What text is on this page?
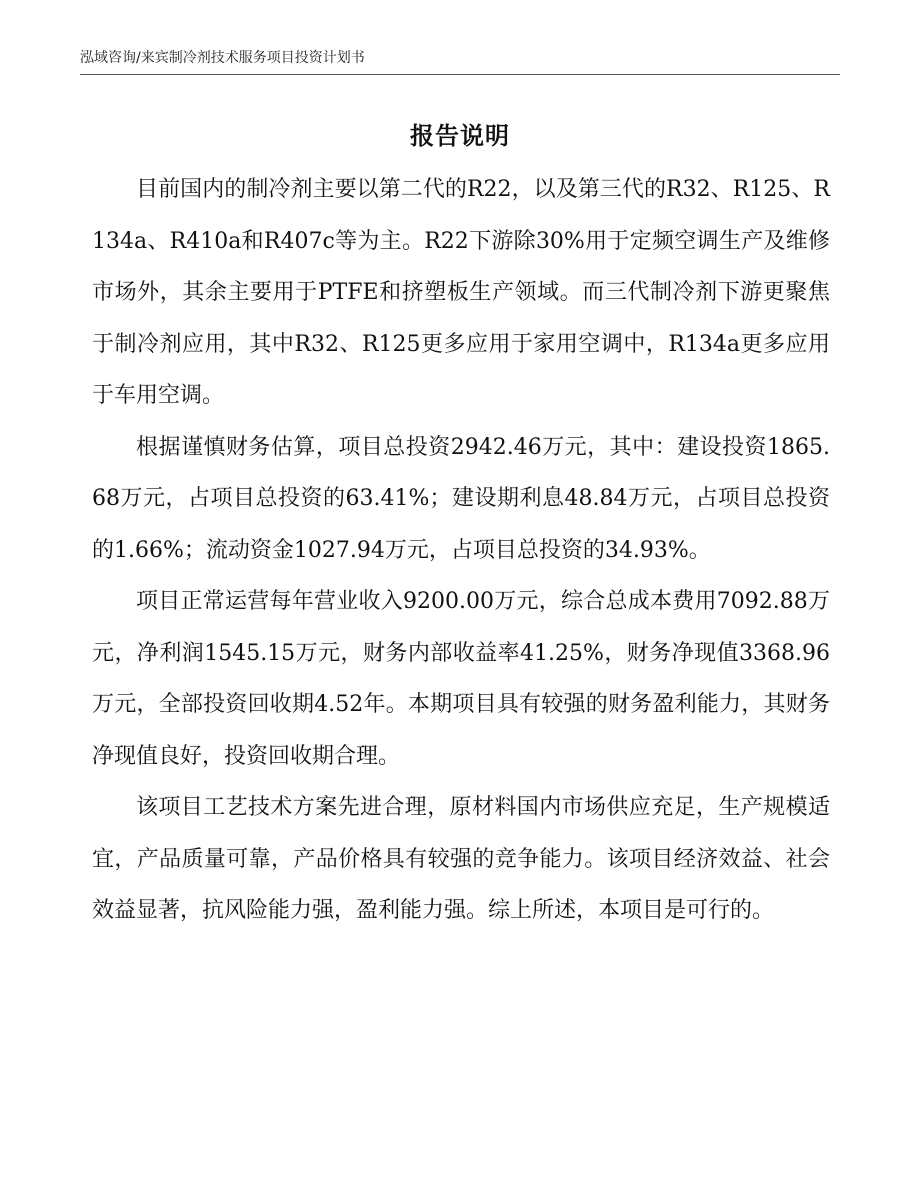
泓域咨询/来宾制冷剂技术服务项目投资计划书
报告说明

目前国内的制冷剂主要以第二代的R22，以及第三代的R32、R125、R134a、R410a和R407c等为主。R22下游除30%用于定频空调生产及维修市场外，其余主要用于PTFE和挤塑板生产领域。而三代制冷剂下游更聚焦于制冷剂应用，其中R32、R125更多应用于家用空调中，R134a更多应用于车用空调。

根据谨慎财务估算，项目总投资2942.46万元，其中：建设投资1865.68万元，占项目总投资的63.41%；建设期利息48.84万元，占项目总投资的1.66%；流动资金1027.94万元，占项目总投资的34.93%。

项目正常运营每年营业收入9200.00万元，综合总成本费用7092.88万元，净利润1545.15万元，财务内部收益率41.25%，财务净现值3368.96万元，全部投资回收期4.52年。本期项目具有较强的财务盈利能力，其财务净现值良好，投资回收期合理。

该项目工艺技术方案先进合理，原材料国内市场供应充足，生产规模适宜，产品质量可靠，产品价格具有较强的竞争能力。该项目经济效益、社会效益显著，抗风险能力强，盈利能力强。综上所述，本项目是可行的。
